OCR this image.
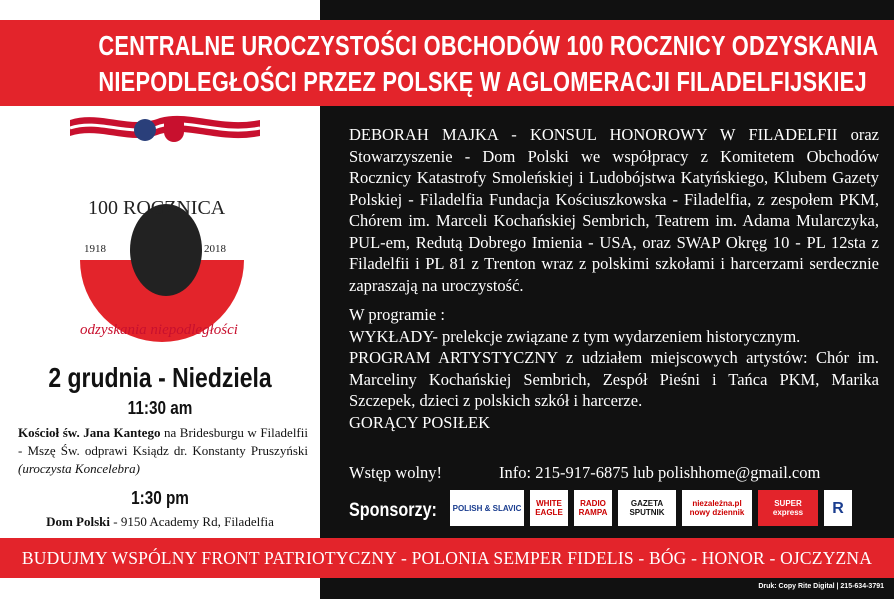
CENTRALNE UROCZYSTOŚCI OBCHODÓW 100 ROCZNICY ODZYSKANIA
NIEPODLEGŁOŚCI PRZEZ POLSKĘ W AGLOMERACJI FILADELFIJSKIEJ
100 ROCZNICA
1918	2018
odzyskania niepodległości
2 grudnia - Niedziela
11:30 am
Kościoł św. Jana Kantego na Bridesburgu w Filadelfii - Mszę Św. odprawi Ksiądz dr. Konstanty Pruszyński (uroczysta Koncelebra)
1:30 pm
Dom Polski - 9150 Academy Rd, Filadelfia

DEBORAH MAJKA - KONSUL HONOROWY W FILADELFII oraz Stowarzyszenie - Dom Polski we współpracy z Komitetem Obchodów Rocznicy Katastrofy Smoleńskiej i Ludobójstwa Katyńskiego, Klubem Gazety Polskiej - Filadelfia Fundacja Kościuszkowska - Filadelfia, z zespołem PKM, Chórem im. Marceli Kochańskiej Sembrich, Teatrem im. Adama Mularczyka, PUL-em, Redutą Dobrego Imienia - USA, oraz SWAP Okręg 10 - PL 12sta z Filadelfii i PL 81 z Trenton wraz z polskimi szkołami i harcerzami serdecznie zapraszają na uroczystość.

W programie :

WYKŁADY- prelekcje związane z tym wydarzeniem historycznym.

PROGRAM ARTYSTYCZNY z udziałem miejscowych artystów: Chór im. Marceliny Kochańskiej Sembrich, Zespół Pieśni i Tańca PKM, Marika Szczepek, dzieci z polskich szkół i harcerze.

GORĄCY POSIŁEK

Wstęp wolny!	Info: 215-917-6875 lub polishhome@gmail.com
Sponsorzy:	POLISH & SLAVIC	WHITE EAGLE
RADIO RAMPA
GAZETA SPUTNIK
niezależna.pl nowy dziennik
SUPER express	R
BUDUJMY WSPÓLNY FRONT PATRIOTYCZNY - POLONIA SEMPER FIDELIS - BÓG - HONOR - OJCZYZNA
Druk: Copy Rite Digital | 215-634-3791
